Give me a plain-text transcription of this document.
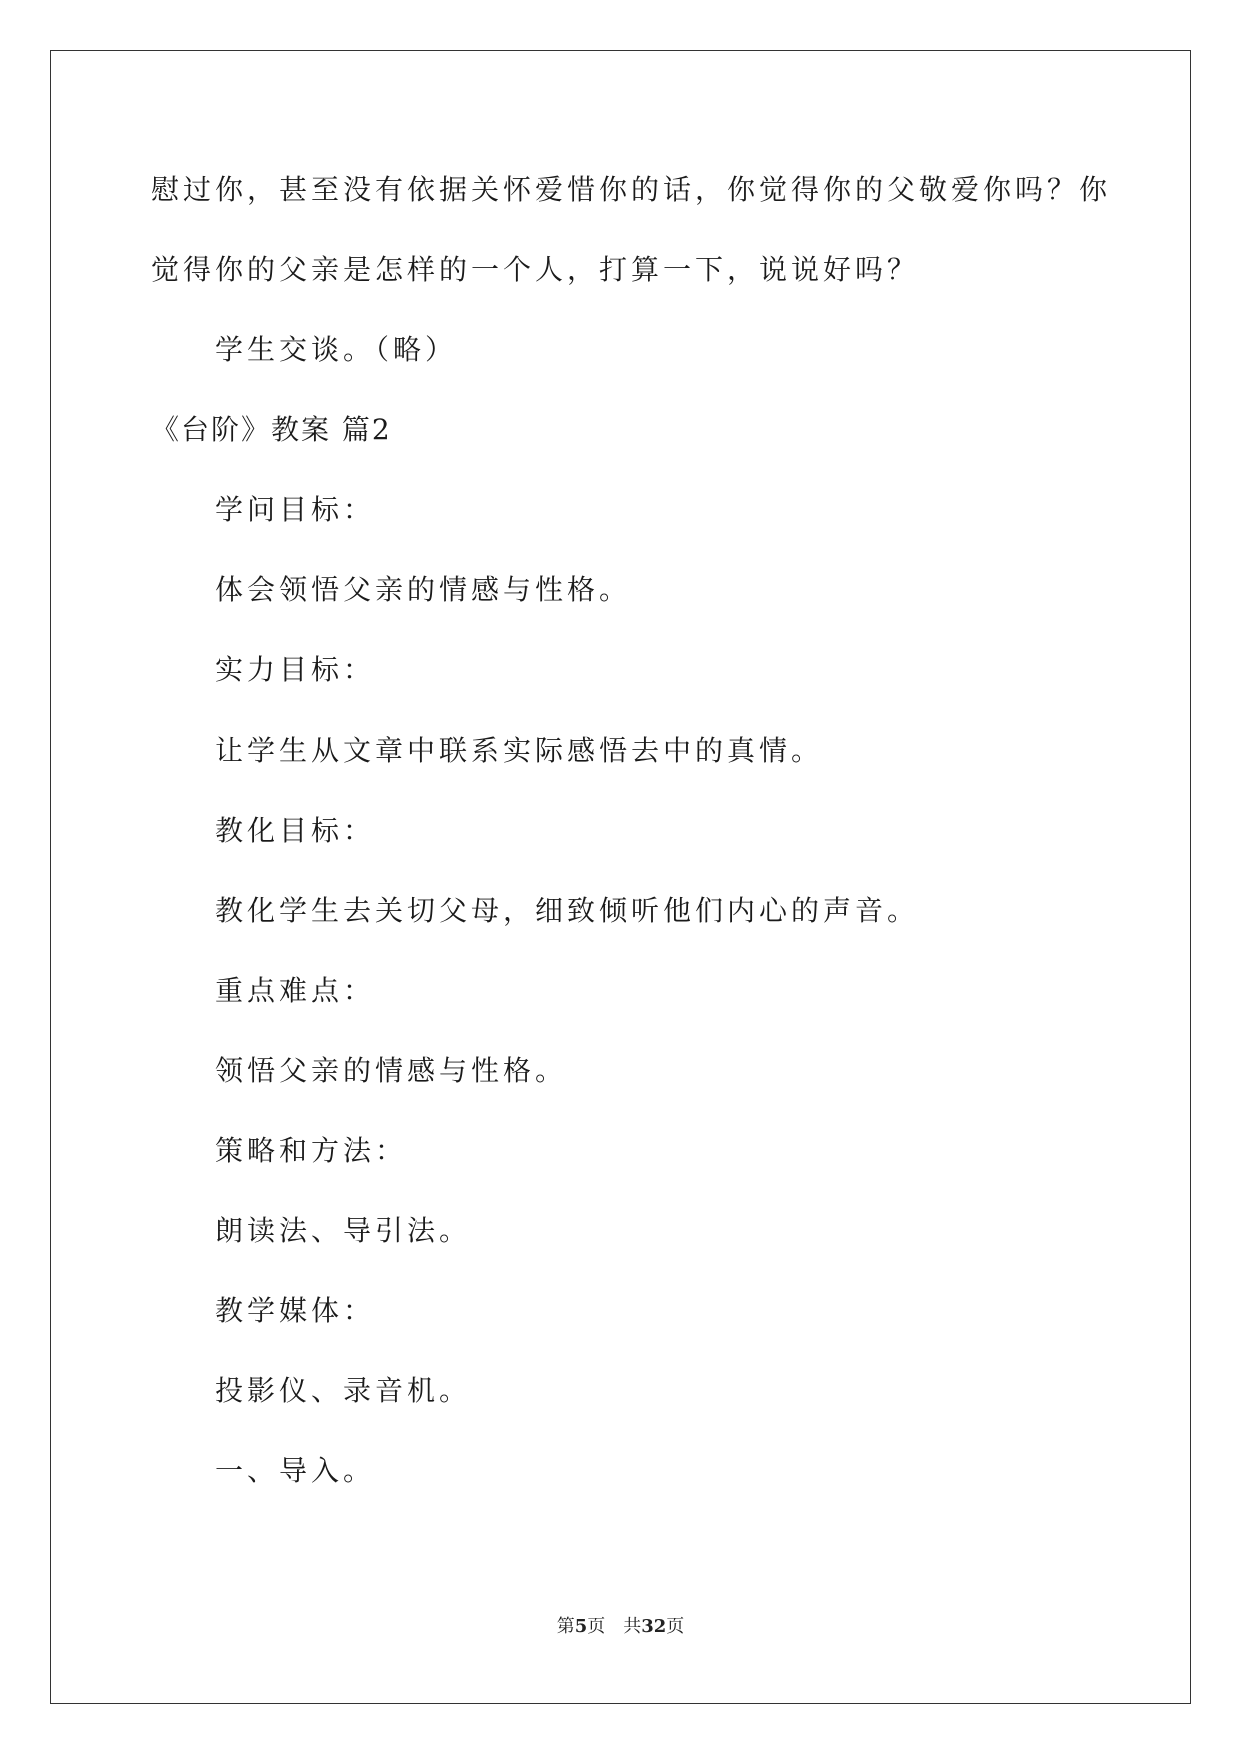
慰过你，甚至没有依据关怀爱惜你的话，你觉得你的父敬爱你吗？你
觉得你的父亲是怎样的一个人，打算一下，说说好吗？
学生交谈。（略）
《台阶》教案 篇2
学问目标：
体会领悟父亲的情感与性格。
实力目标：
让学生从文章中联系实际感悟去中的真情。
教化目标：
教化学生去关切父母，细致倾听他们内心的声音。
重点难点：
领悟父亲的情感与性格。
策略和方法：
朗读法、导引法。
教学媒体：
投影仪、录音机。
一、导入。
第5页　共32页
